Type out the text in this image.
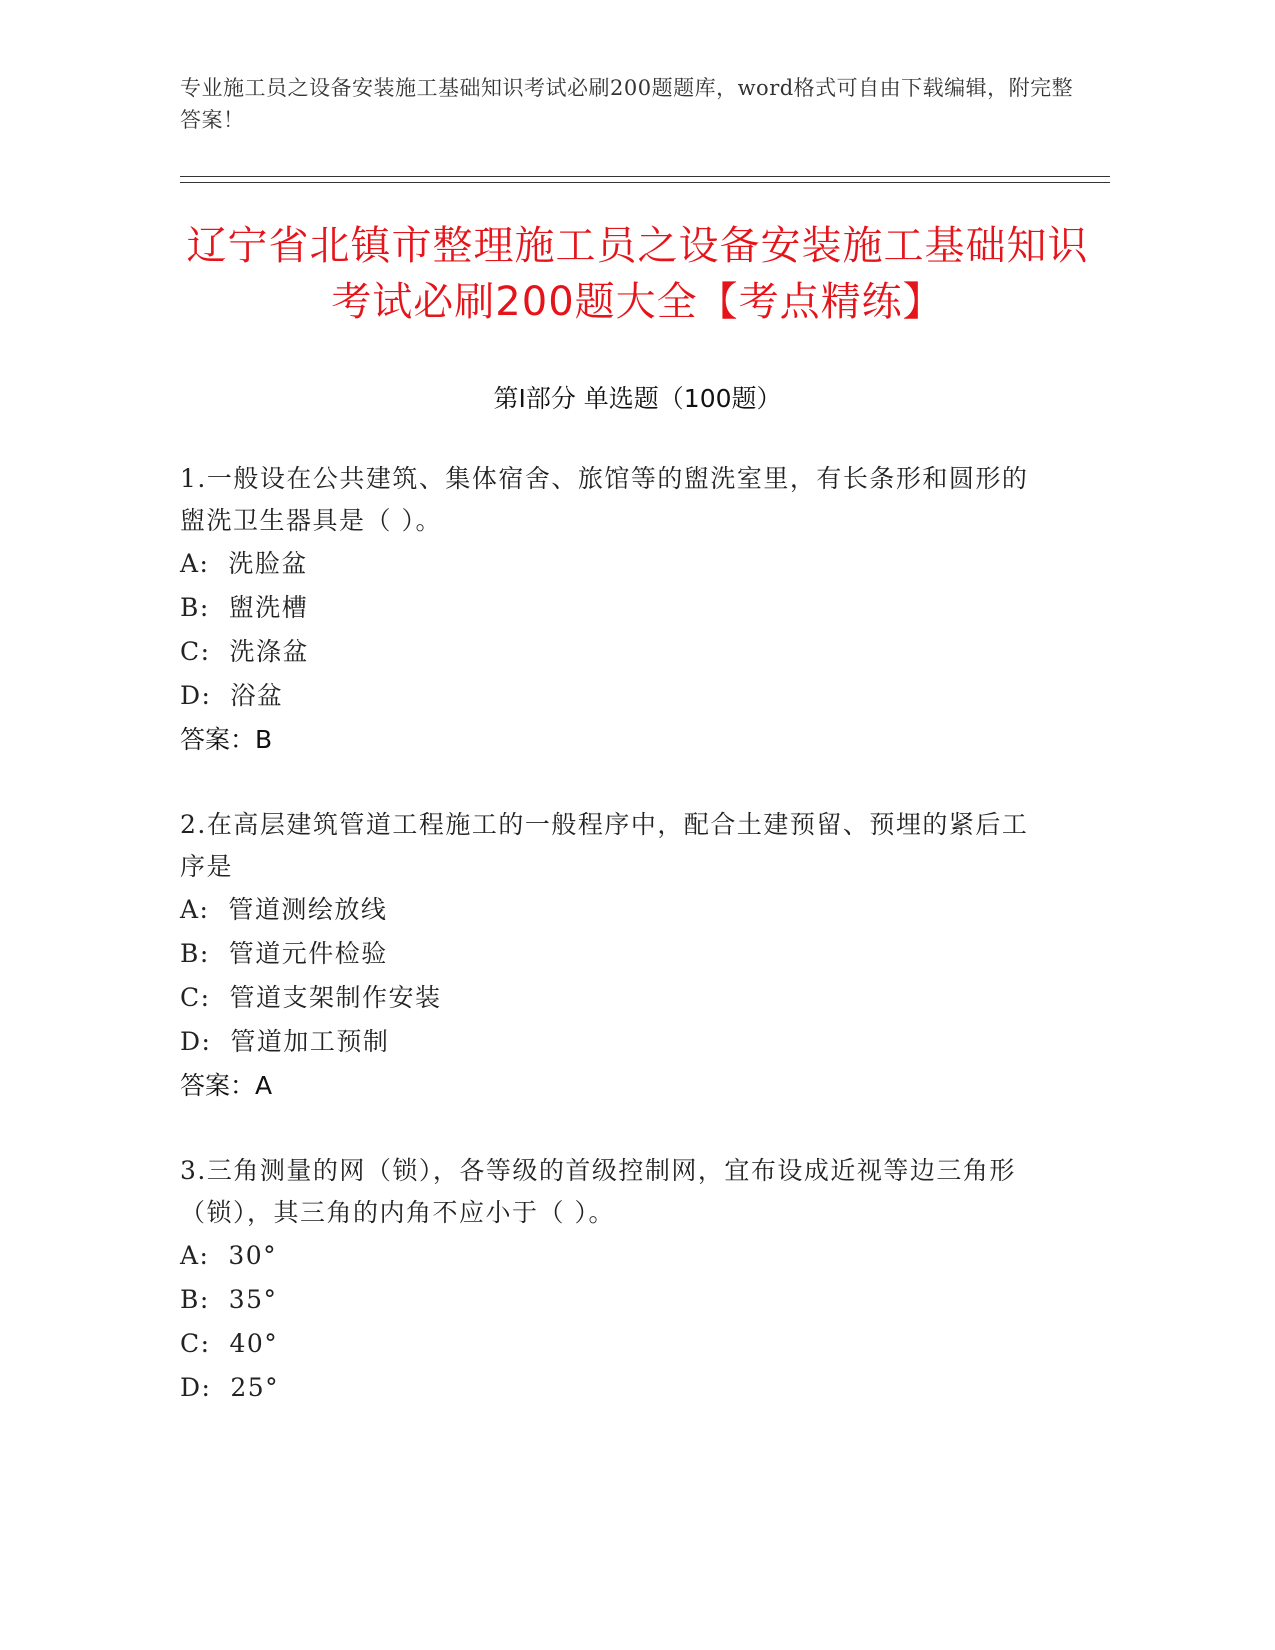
专业施工员之设备安装施工基础知识考试必刷200题题库，word格式可自由下载编辑，附完整答案！
辽宁省北镇市整理施工员之设备安装施工基础知识考试必刷200题大全【考点精练】
第Ⅰ部分 单选题（100题）
1.一般设在公共建筑、集体宿舍、旅馆等的盥洗室里，有长条形和圆形的盥洗卫生器具是（ ）。
A:  洗脸盆
B:  盥洗槽
C:  洗涤盆
D:  浴盆
答案：B
2.在高层建筑管道工程施工的一般程序中，配合土建预留、预埋的紧后工序是
A:  管道测绘放线
B:  管道元件检验
C:  管道支架制作安装
D:  管道加工预制
答案：A
3.三角测量的网（锁），各等级的首级控制网，宜布设成近视等边三角形（锁），其三角的内角不应小于（ ）。
A:  30°
B:  35°
C:  40°
D:  25°
